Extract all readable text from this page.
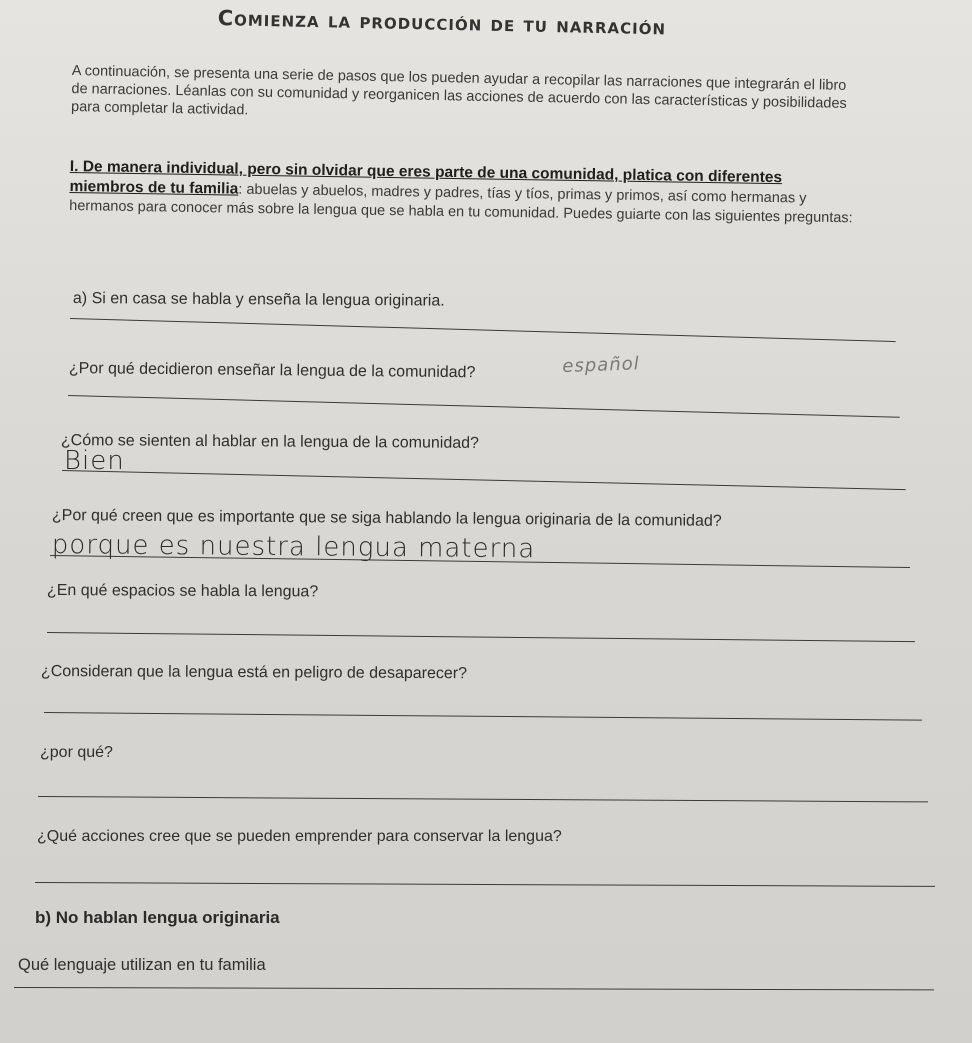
Comienza la producción de tu narración
A continuación, se presenta una serie de pasos que los pueden ayudar a recopilar las narraciones que integrarán el libro de narraciones. Léanlas con su comunidad y reorganicen las acciones de acuerdo con las características y posibilidades para completar la actividad.
I. De manera individual, pero sin olvidar que eres parte de una comunidad, platica con diferentes miembros de tu familia: abuelas y abuelos, madres y padres, tías y tíos, primas y primos, así como hermanas y hermanos para conocer más sobre la lengua que se habla en tu comunidad. Puedes guiarte con las siguientes preguntas:
a) Si en casa se habla y enseña la lengua originaria.
¿Por qué decidieron enseñar la lengua de la comunidad?	español
¿Cómo se sienten al hablar en la lengua de la comunidad?
Bien
¿Por qué creen que es importante que se siga hablando la lengua originaria de la comunidad?
porque es nuestra lengua materna
¿En qué espacios se habla la lengua?
¿Consideran que la lengua está en peligro de desaparecer?
¿por qué?
¿Qué acciones cree que se pueden emprender para conservar la lengua?
b) No hablan lengua originaria
Qué lenguaje utilizan en tu familia
